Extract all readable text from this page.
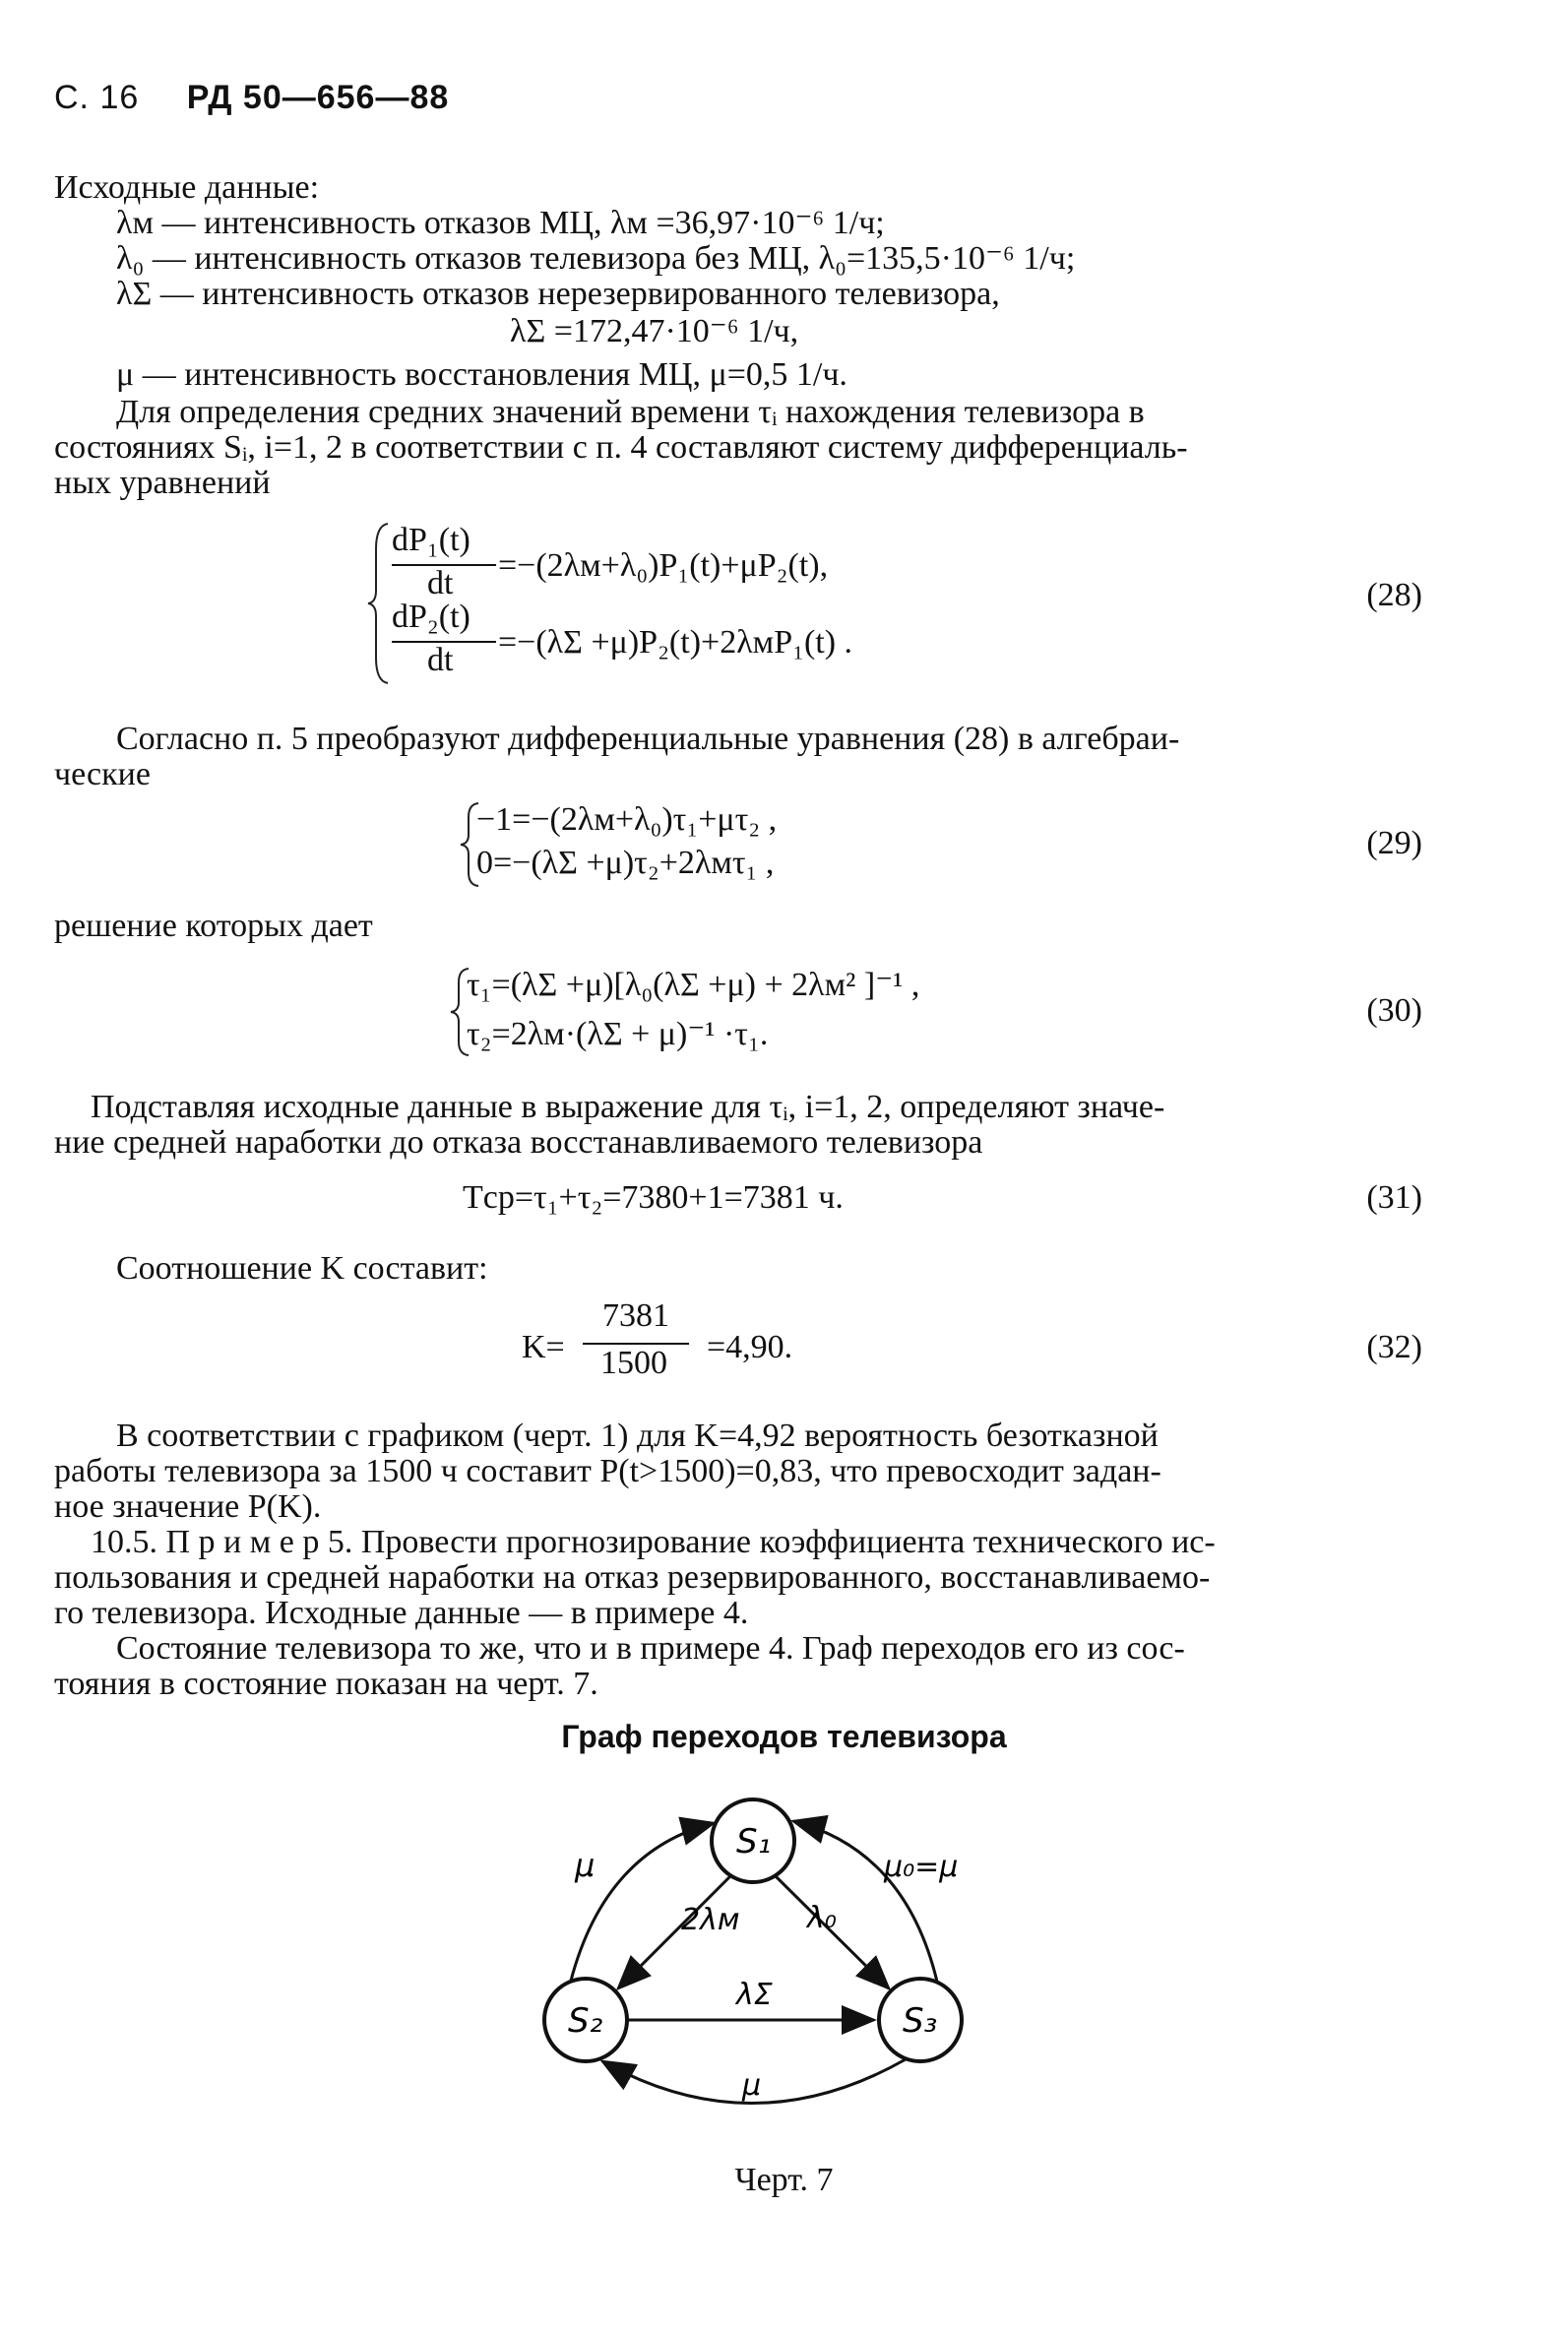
С. 16 РД 50—656—88
Исходные данные:
λм — интенсивность отказов МЦ, λм =36,97·10⁻⁶ 1/ч;
λ₀ — интенсивность отказов телевизора без МЦ, λ₀=135,5·10⁻⁶ 1/ч;
λΣ — интенсивность отказов нерезервированного телевизора,
λΣ =172,47·10⁻⁶ 1/ч,
μ — интенсивность восстановления МЦ, μ=0,5 1/ч.
Для определения средних значений времени τᵢ нахождения телевизора в
состояниях Sᵢ, i=1, 2 в соответствии с п. 4 составляют систему дифференциаль-
ных уравнений
dP₁(t)
dt =−(2λм+λ₀)P₁(t)+μP₂(t),
dP₂(t)
dt =−(λΣ +μ)P₂(t)+2λмP₁(t) .
(28)
Согласно п. 5 преобразуют дифференциальные уравнения (28) в алгебраи-
ческие
−1=−(2λм+λ₀)τ₁+μτ₂ ,
0=−(λΣ +μ)τ₂+2λмτ₁ ,
(29)
решение которых дает
τ₁=(λΣ +μ)[λ₀(λΣ +μ) + 2λм² ]⁻¹ ,
τ₂=2λм·(λΣ + μ)⁻¹ ·τ₁.
(30)
Подставляя исходные данные в выражение для τᵢ, i=1, 2, определяют значе-
ние средней наработки до отказа восстанавливаемого телевизора
Tср=τ₁+τ₂=7380+1=7381 ч.	(31)
Соотношение K составит:
K=
7381
1500 =4,90.	(32)
В соответствии с графиком (черт. 1) для K=4,92 вероятность безотказной
работы телевизора за 1500 ч составит P(t>1500)=0,83, что превосходит задан-
ное значение P(K).
10.5. П р и м е р 5. Провести прогнозирование коэффициента технического ис-
пользования и средней наработки на отказ резервированного, восстанавливаемо-
го телевизора. Исходные данные — в примере 4.
Состояние телевизора то же, что и в примере 4. Граф переходов его из сос-
тояния в состояние показан на черт. 7.
Граф переходов телевизора
S₁
S₂	S₃
μ
2λм λ₀
μ₀=μ
λΣ
μ
Черт. 7
